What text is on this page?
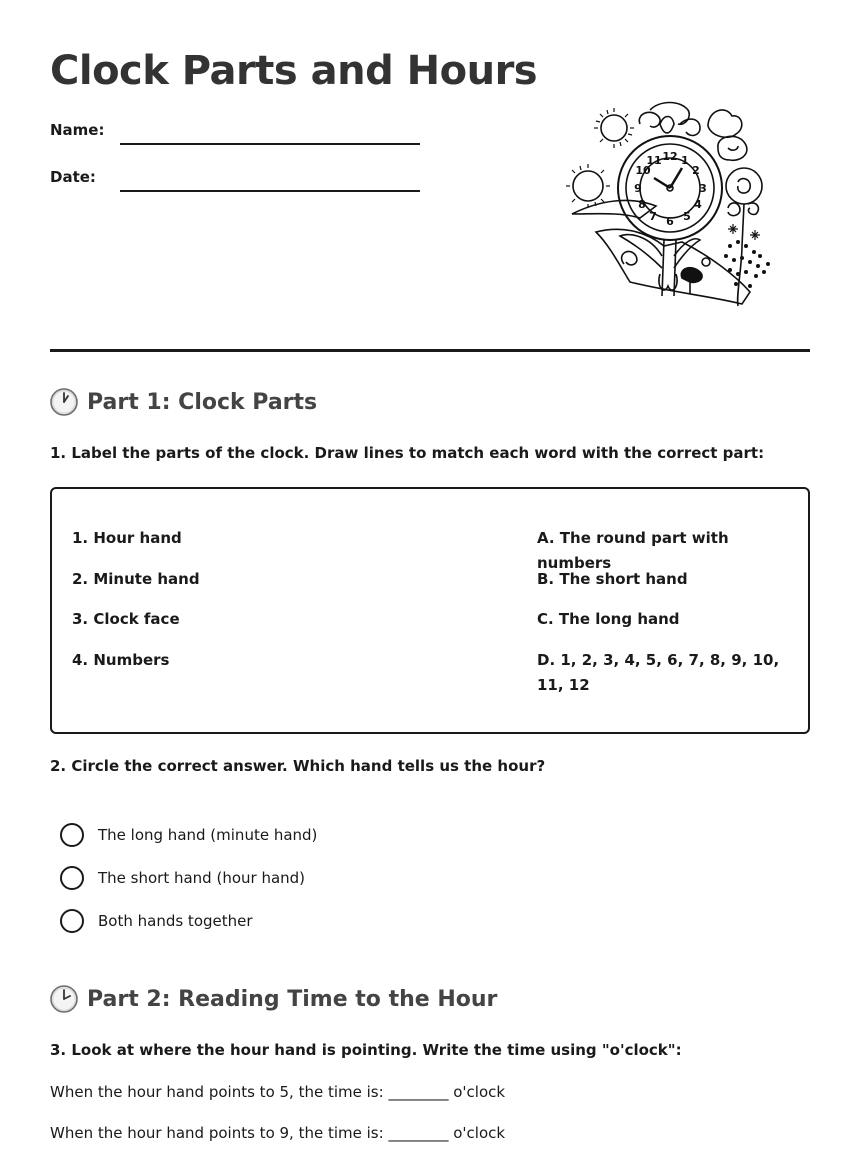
Clock Parts and Hours
Name:
Date:
12 1
2
3
4
5
6
7
8
9
10
11
Part 1: Clock Parts
1. Label the parts of the clock. Draw lines to match each word with the correct part:
1. Hour hand
2. Minute hand
3. Clock face
4. Numbers
A. The round part with numbers
B. The short hand
C. The long hand
D. 1, 2, 3, 4, 5, 6, 7, 8, 9, 10, 11, 12
2. Circle the correct answer. Which hand tells us the hour?
The long hand (minute hand)
The short hand (hour hand)
Both hands together
Part 2: Reading Time to the Hour
3. Look at where the hour hand is pointing. Write the time using "o'clock":
When the hour hand points to 5, the time is: ________ o'clock
When the hour hand points to 9, the time is: ________ o'clock
